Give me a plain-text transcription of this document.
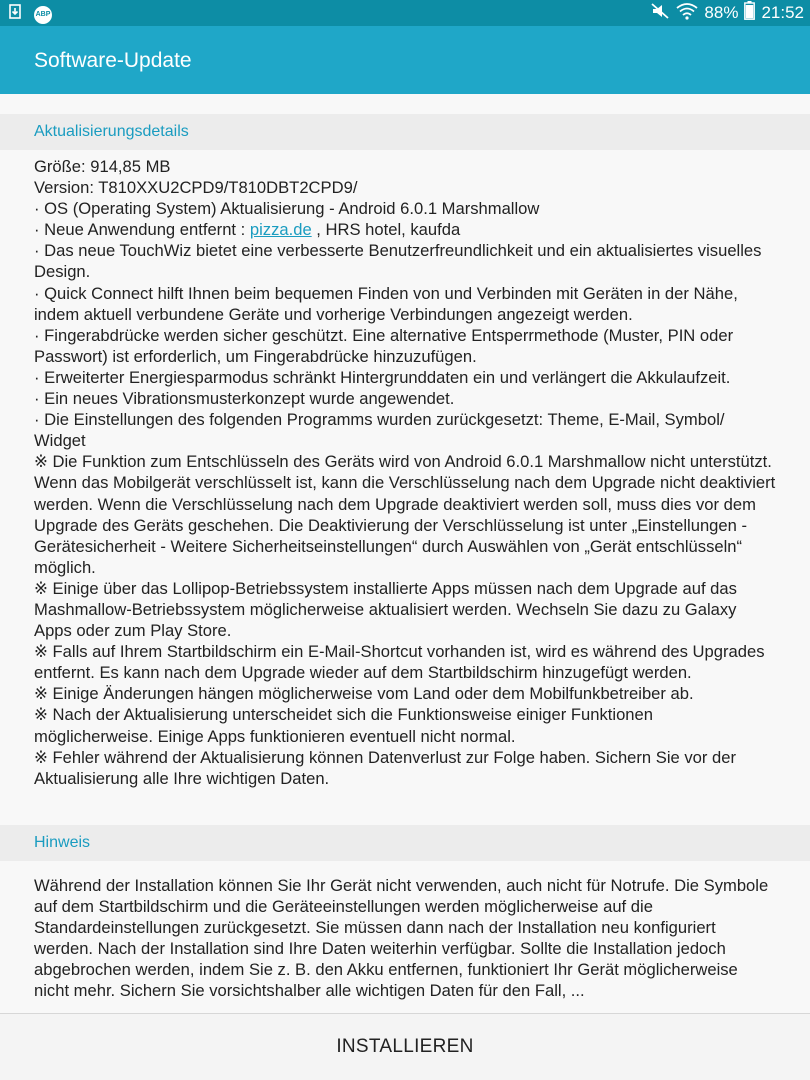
ABP	88% 21:52
Software-Update
Aktualisierungsdetails

Größe: 914,85 MB

Version: T810XXU2CPD9/T810DBT2CPD9/

· OS (Operating System) Aktualisierung - Android 6.0.1 Marshmallow

· Neue Anwendung entfernt : pizza.de , HRS hotel, kaufda

· Das neue TouchWiz bietet eine verbesserte Benutzerfreundlichkeit und ein aktualisiertes visuelles Design.

· Quick Connect hilft Ihnen beim bequemen Finden von und Verbinden mit Geräten in der Nähe, indem aktuell verbundene Geräte und vorherige Verbindungen angezeigt werden.

· Fingerabdrücke werden sicher geschützt. Eine alternative Entsperrmethode (Muster, PIN oder Passwort) ist erforderlich, um Fingerabdrücke hinzuzufügen.

· Erweiterter Energiesparmodus schränkt Hintergrunddaten ein und verlängert die Akkulaufzeit.

· Ein neues Vibrationsmusterkonzept wurde angewendet.

· Die Einstellungen des folgenden Programms wurden zurückgesetzt: Theme, E-Mail, Symbol/ Widget

※ Die Funktion zum Entschlüsseln des Geräts wird von Android 6.0.1 Marshmallow nicht unterstützt. Wenn das Mobilgerät verschlüsselt ist, kann die Verschlüsselung nach dem Upgrade nicht deaktiviert werden. Wenn die Verschlüsselung nach dem Upgrade deaktiviert werden soll, muss dies vor dem Upgrade des Geräts geschehen. Die Deaktivierung der Verschlüsselung ist unter „Einstellungen - Gerätesicherheit - Weitere Sicherheitseinstellungen“ durch Auswählen von „Gerät entschlüsseln“ möglich.

※ Einige über das Lollipop-Betriebssystem installierte Apps müssen nach dem Upgrade auf das Mashmallow-Betriebssystem möglicherweise aktualisiert werden. Wechseln Sie dazu zu Galaxy Apps oder zum Play Store.

※ Falls auf Ihrem Startbildschirm ein E-Mail-Shortcut vorhanden ist, wird es während des Upgrades entfernt. Es kann nach dem Upgrade wieder auf dem Startbildschirm hinzugefügt werden.

※ Einige Änderungen hängen möglicherweise vom Land oder dem Mobilfunkbetreiber ab.

※ Nach der Aktualisierung unterscheidet sich die Funktionsweise einiger Funktionen möglicherweise. Einige Apps funktionieren eventuell nicht normal.

※ Fehler während der Aktualisierung können Datenverlust zur Folge haben. Sichern Sie vor der Aktualisierung alle Ihre wichtigen Daten.

Hinweis

Während der Installation können Sie Ihr Gerät nicht verwenden, auch nicht für Notrufe. Die Symbole auf dem Startbildschirm und die Geräteeinstellungen werden möglicherweise auf die Standardeinstellungen zurückgesetzt. Sie müssen dann nach der Installation neu konfiguriert werden. Nach der Installation sind Ihre Daten weiterhin verfügbar. Sollte die Installation jedoch abgebrochen werden, indem Sie z. B. den Akku entfernen, funktioniert Ihr Gerät möglicherweise nicht mehr. Sichern Sie vorsichtshalber alle wichtigen Daten für den Fall, ...

INSTALLIEREN
